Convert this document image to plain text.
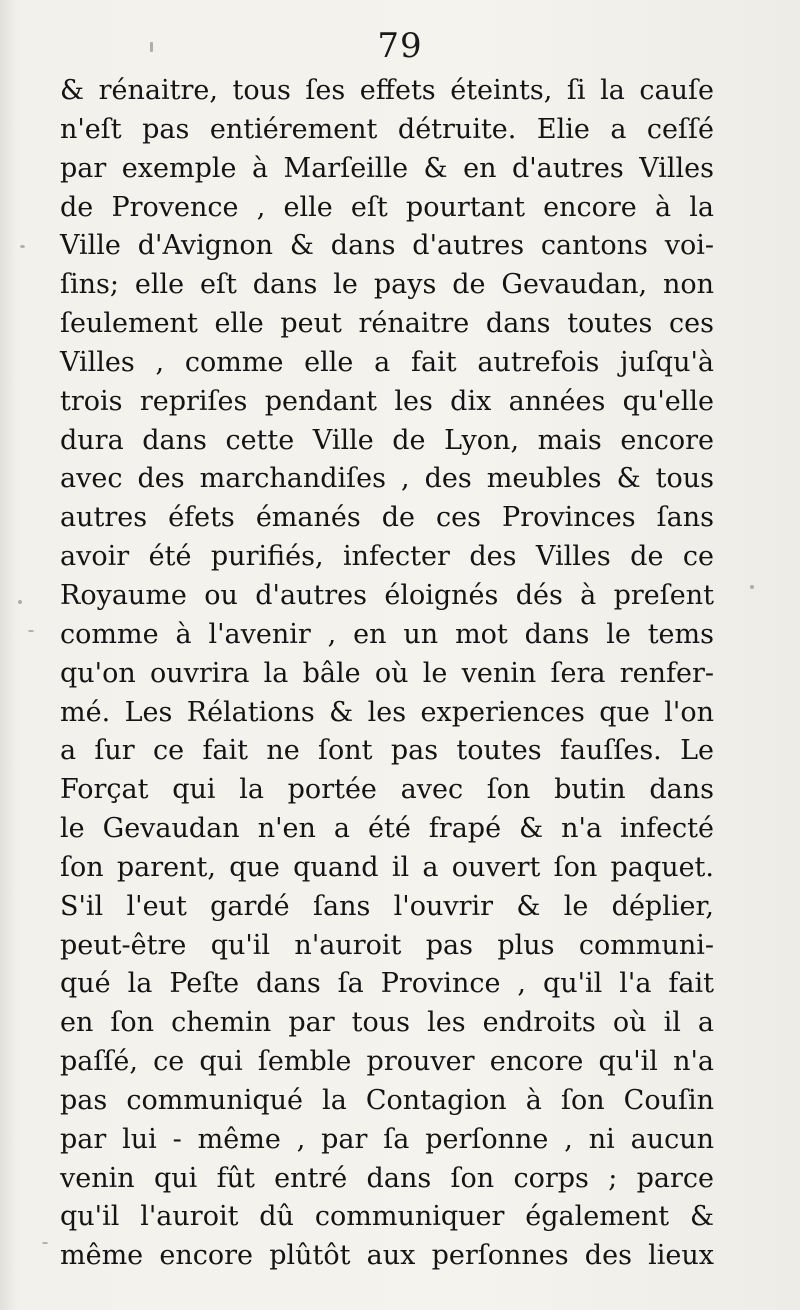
79
& rénaitre, tous ſes effets éteints, ſi la cauſe
n'eſt pas entiérement détruite. Elie a ceſſé
par exemple à Marſeille & en d'autres Villes
de Provence , elle eſt pourtant encore à la
Ville d'Avignon & dans d'autres cantons voi-
ſins; elle eſt dans le pays de Gevaudan, non
ſeulement elle peut rénaitre dans toutes ces
Villes , comme elle a fait autrefois juſqu'à
trois repriſes pendant les dix années qu'elle
dura dans cette Ville de Lyon, mais encore
avec des marchandiſes , des meubles & tous
autres éfets émanés de ces Provinces ſans
avoir été purifiés, infecter des Villes de ce
Royaume ou d'autres éloignés dés à preſent
comme à l'avenir , en un mot dans le tems
qu'on ouvrira la bâle où le venin ſera renfer-
mé. Les Rélations & les experiences que l'on
a ſur ce fait ne ſont pas toutes fauſſes. Le
Forçat qui la portée avec ſon butin dans
le Gevaudan n'en a été frapé & n'a infecté
ſon parent, que quand il a ouvert ſon paquet.
S'il l'eut gardé ſans l'ouvrir & le déplier,
peut-être qu'il n'auroit pas plus communi-
qué la Peſte dans ſa Province , qu'il l'a fait
en ſon chemin par tous les endroits où il a
paſſé, ce qui ſemble prouver encore qu'il n'a
pas communiqué la Contagion à ſon Couſin
par lui - même , par ſa perſonne , ni aucun
venin qui fût entré dans ſon corps ; parce
qu'il l'auroit dû communiquer également &
même encore plûtôt aux perſonnes des lieux
